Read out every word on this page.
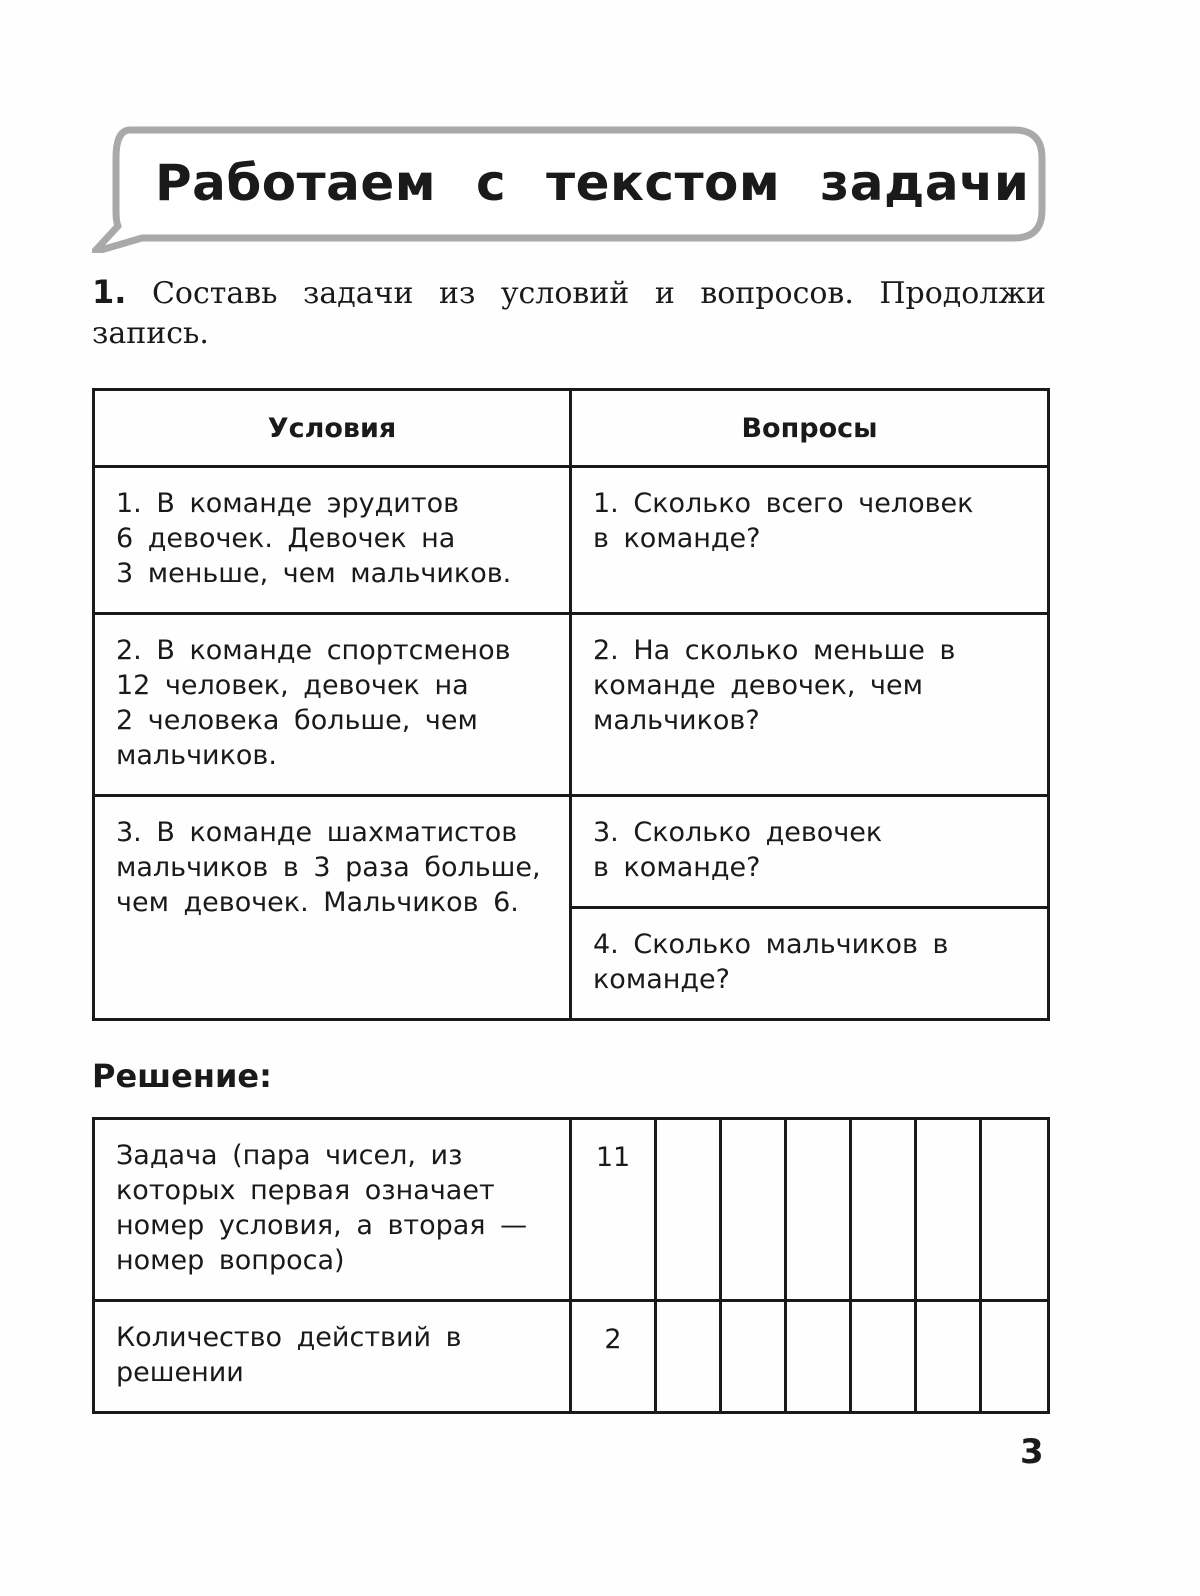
Работаем с текстом задачи
1. Составь задачи из условий и вопросов. Продолжи запись.
Условия	Вопросы
1. В команде эрудитов
6 девочек. Девочек на
3 меньше, чем мальчиков.	1. Сколько всего человек
в команде?
2. В команде спортсменов
12 человек, девочек на
2 человека больше, чем
мальчиков.	2. На сколько меньше в
команде девочек, чем
мальчиков?
3. В команде шахматистов
мальчиков в 3 раза больше, чем девочек. Мальчиков 6.	3. Сколько девочек
в команде?
	4. Сколько мальчиков в
команде?
Решение:
Задача (пара чисел, из
которых первая означает
номер условия, а вторая — номер вопроса)	11						
Количество действий в
решении	2						
3
